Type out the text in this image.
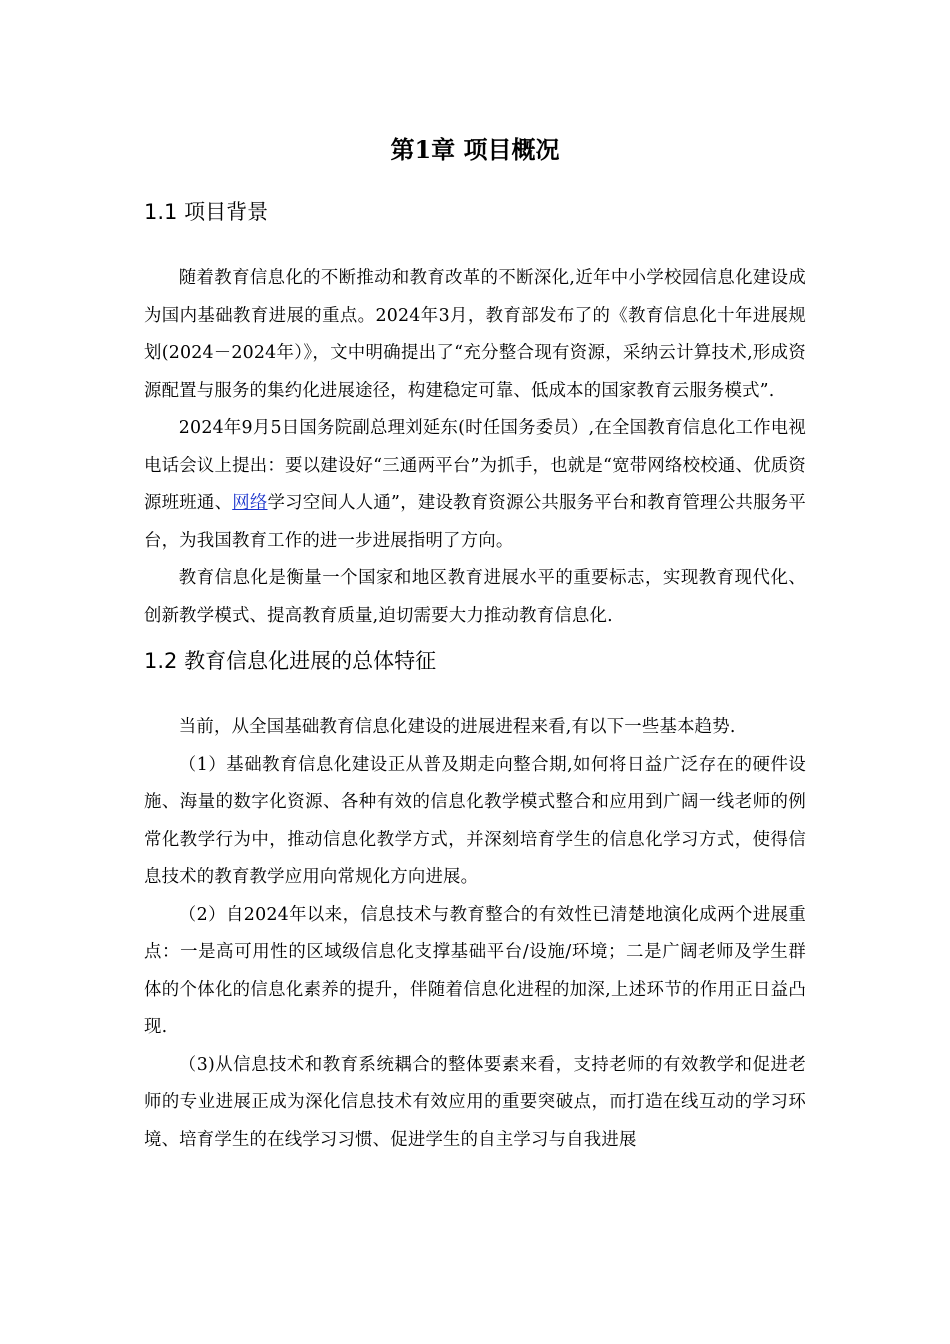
第1章 项目概况
1.1 项目背景

随着教育信息化的不断推动和教育改革的不断深化,近年中小学校园信息化建设成为国内基础教育进展的重点。2024年3月，教育部发布了的《教育信息化十年进展规划(2024－2024年）》，文中明确提出了“充分整合现有资源，采纳云计算技术,形成资源配置与服务的集约化进展途径，构建稳定可靠、低成本的国家教育云服务模式”.

2024年9月5日国务院副总理刘延东(时任国务委员）,在全国教育信息化工作电视电话会议上提出：要以建设好“三通两平台”为抓手，也就是“宽带网络校校通、优质资源班班通、网络学习空间人人通”，建设教育资源公共服务平台和教育管理公共服务平台，为我国教育工作的进一步进展指明了方向。

教育信息化是衡量一个国家和地区教育进展水平的重要标志，实现教育现代化、创新教学模式、提高教育质量,迫切需要大力推动教育信息化.

1.2 教育信息化进展的总体特征

当前，从全国基础教育信息化建设的进展进程来看,有以下一些基本趋势.

（1）基础教育信息化建设正从普及期走向整合期,如何将日益广泛存在的硬件设施、海量的数字化资源、各种有效的信息化教学模式整合和应用到广阔一线老师的例常化教学行为中，推动信息化教学方式，并深刻培育学生的信息化学习方式，使得信息技术的教育教学应用向常规化方向进展。

（2）自2024年以来，信息技术与教育整合的有效性已清楚地演化成两个进展重点：一是高可用性的区域级信息化支撑基础平台/设施/环境；二是广阔老师及学生群体的个体化的信息化素养的提升，伴随着信息化进程的加深,上述环节的作用正日益凸现.

（3)从信息技术和教育系统耦合的整体要素来看，支持老师的有效教学和促进老师的专业进展正成为深化信息技术有效应用的重要突破点，而打造在线互动的学习环境、培育学生的在线学习习惯、促进学生的自主学习与自我进展
